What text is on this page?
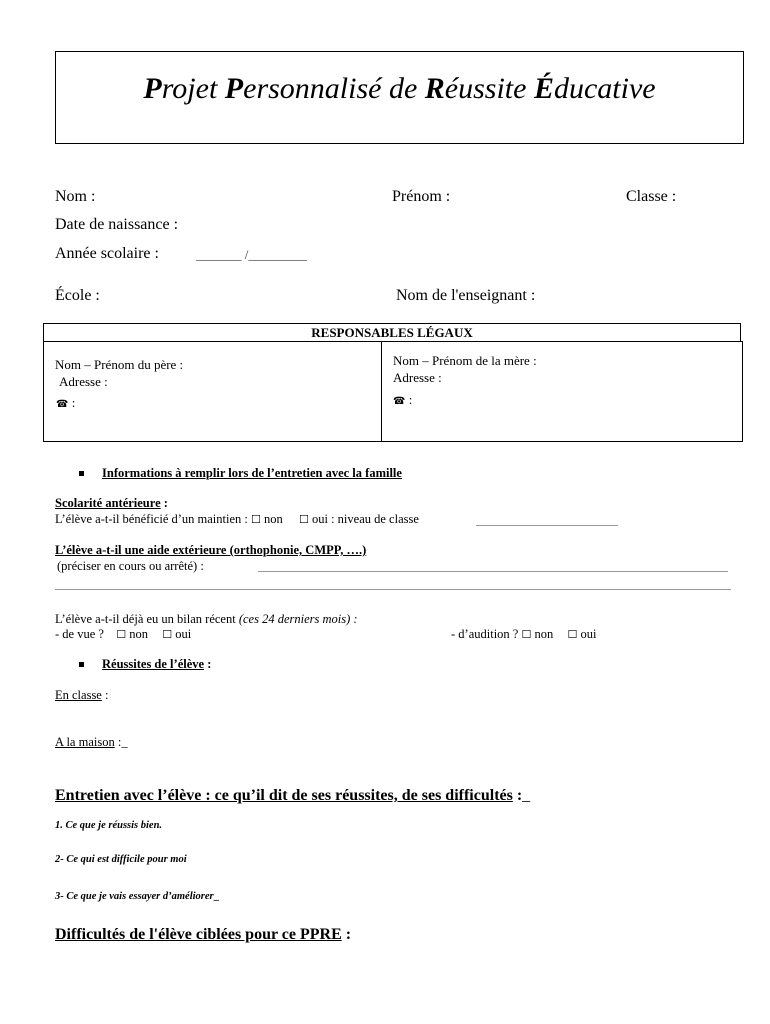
Projet Personnalisé de Réussite Éducative
Nom :	Prénom :	Classe :
Date de naissance :
Année scolaire :	_______ /_________
École :	Nom de l'enseignant :
RESPONSABLES LÉGAUX
Nom – Prénom du père :
Adresse :
☎ :
Nom – Prénom de la mère :
Adresse :
☎ :
Informations à remplir lors de l’entretien avec la famille
Scolarité antérieure :
L’élève a-t-il bénéficié d’un maintien : ☐ non ☐ oui : niveau de classe
L’élève a-t-il une aide extérieure (orthophonie, CMPP, ….)
(préciser en cours ou arrêté) :
L’élève a-t-il déjà eu un bilan récent (ces 24 derniers mois) :
- de vue ? ☐ non ☐ oui	- d’audition ? ☐ non ☐ oui
Réussites de l’élève :
En classe :
A la maison :_
Entretien avec l’élève : ce qu’il dit de ses réussites, de ses difficultés :_
1. Ce que je réussis bien.
2- Ce qui est difficile pour moi
3- Ce que je vais essayer d’améliorer_
Difficultés de l'élève ciblées pour ce PPRE :
